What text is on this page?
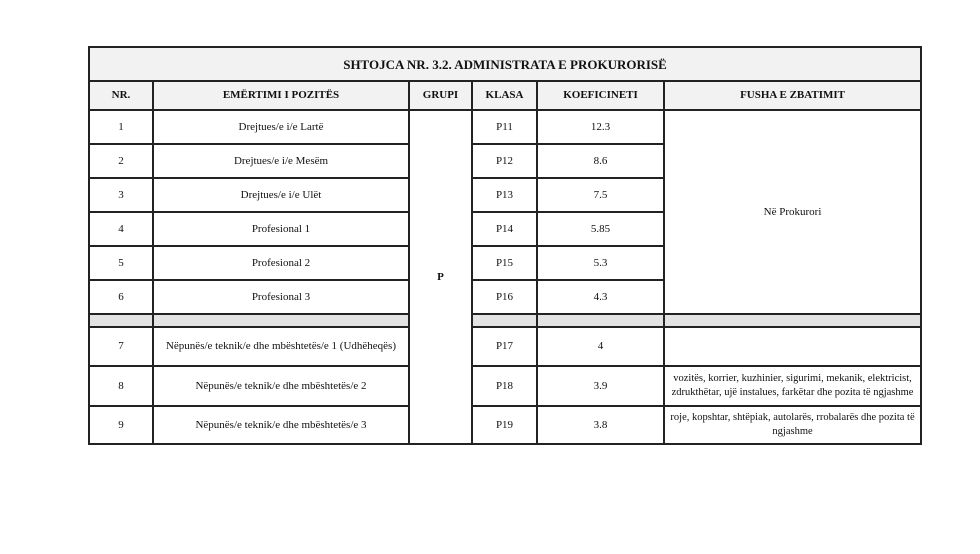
SHTOJCA NR. 3.2. ADMINISTRATA E PROKURORISË					
NR.	EMËRTIMI I POZITËS	GRUPI	KLASA	KOEFICINETI	FUSHA E ZBATIMIT
1	Drejtues/e i/e Lartë	P	P11	12.3	Në Prokurori
2	Drejtues/e i/e Mesëm		P12	8.6	
3	Drejtues/e i/e Ulët		P13	7.5	
4	Profesional 1		P14	5.85	
5	Profesional 2		P15	5.3	
6	Profesional 3		P16	4.3	

7	Nëpunës/e teknik/e dhe mbështetës/e 1 (Udhëheqës)		P17	4	
8	Nëpunës/e teknik/e dhe mbështetës/e 2		P18	3.9	vozitës, korrier, kuzhinier, sigurimi, mekanik, elektricist, zdrukthëtar, ujë instalues, farkëtar dhe pozita të ngjashme

9	Nëpunës/e teknik/e dhe mbështetës/e 3		P19	3.8	roje, kopshtar, shtëpiak, autolarës, rrobalarës dhe pozita të ngjashme
